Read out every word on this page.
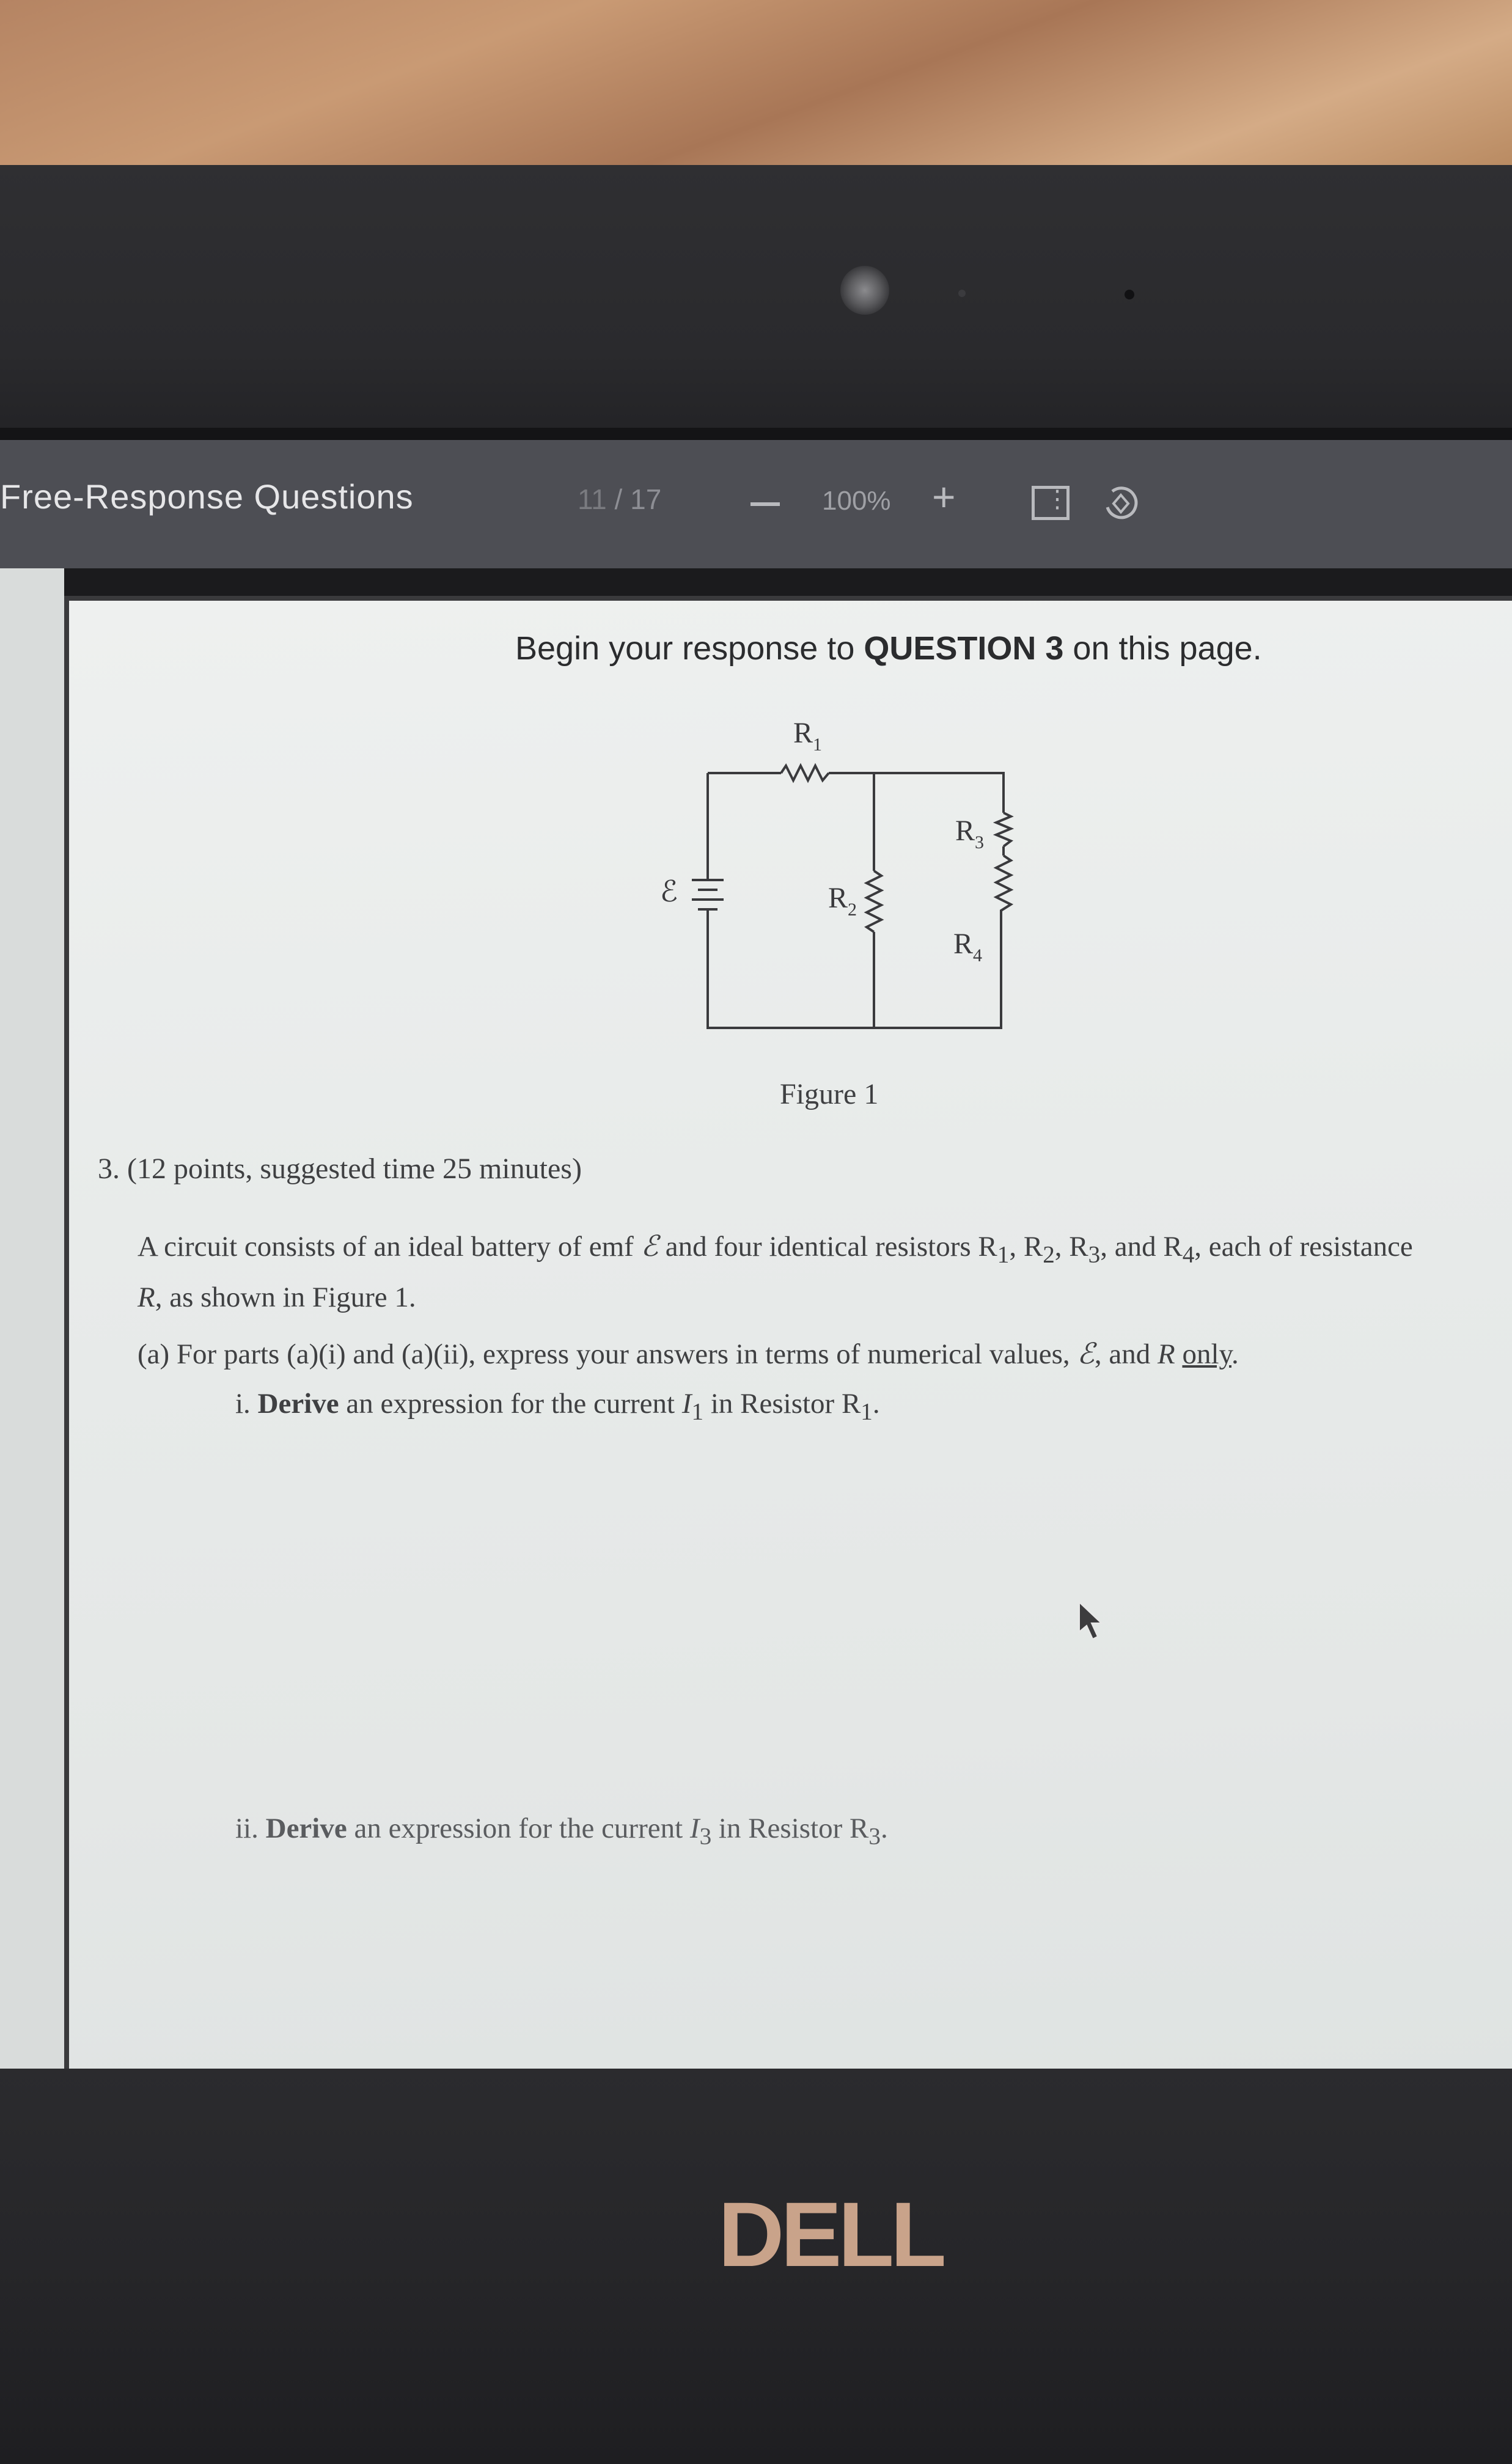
Free-Response Questions	11 / 17	100% +
⋮
Begin your response to QUESTION 3 on this page.
ℰ
R 1
R 2
R 3
R 4
Figure 1
3. (12 points, suggested time 25 minutes)
A circuit consists of an ideal battery of emf ℰ and four identical resistors $R_1$, $R_2$, $R_3$, and $R_4$, each of resistance R, as shown in Figure 1.
(a) For parts (a)(i) and (a)(ii), express your answers in terms of numerical values, ℰ, and R only.
i. Derive an expression for the current $I_1$ in Resistor $R_1$.
ii. Derive an expression for the current $I_3$ in Resistor $R_3$.
DELL
